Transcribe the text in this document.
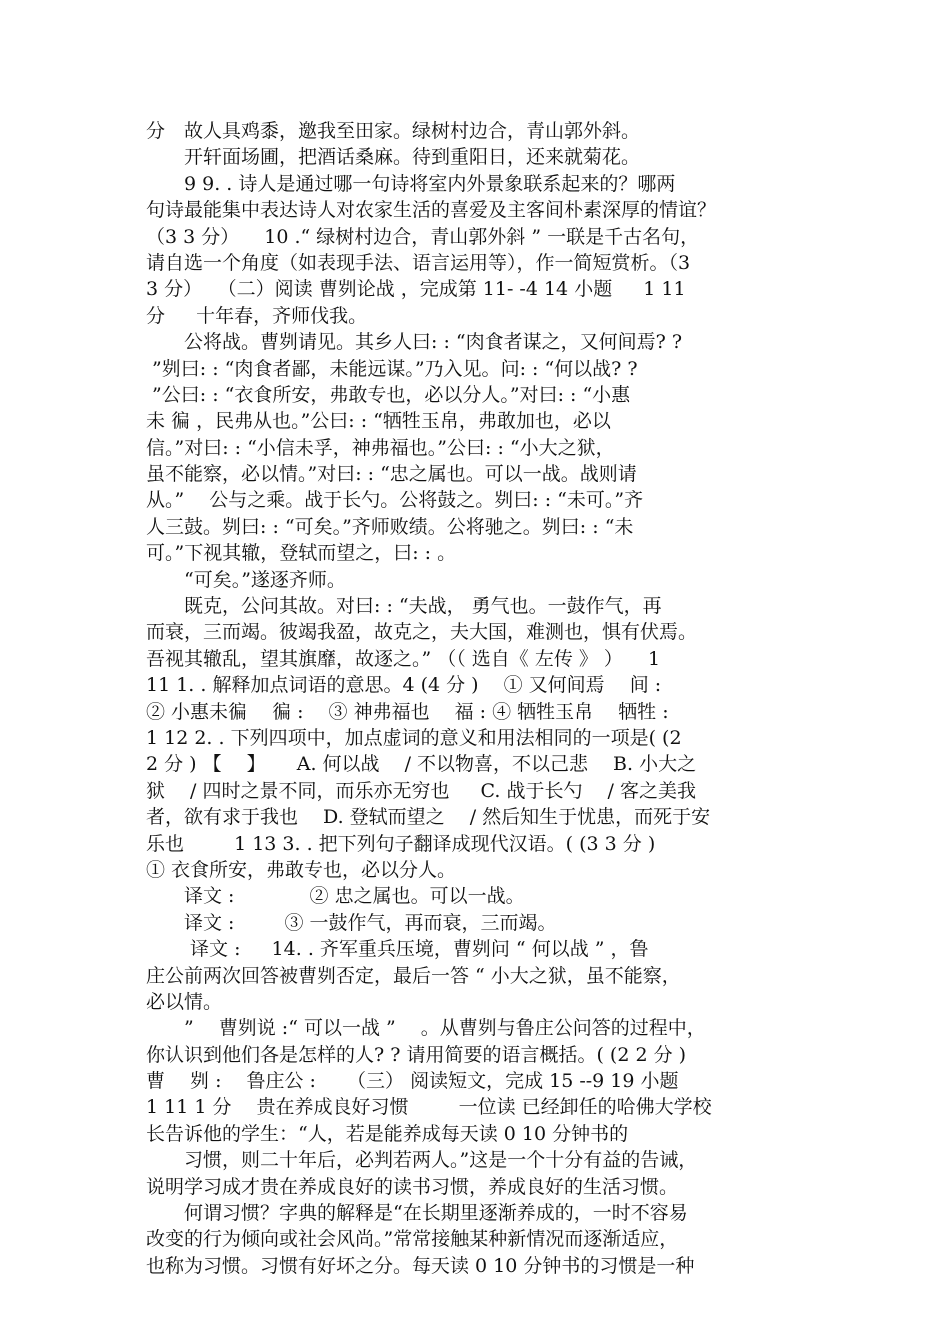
分　故人具鸡黍，邀我至田家。绿树村边合，青山郭外斜。
　　开轩面场圃，把酒话桑麻。待到重阳日，还来就菊花。
　　9 9. . 诗人是通过哪一句诗将室内外景象联系起来的？哪两
句诗最能集中表达诗人对农家生活的喜爱及主客间朴素深厚的情谊？
（3 3 分） 　10 .“ 绿树村边合，青山郭外斜 ” 一联是千古名句，
请自选一个角度（如表现手法、语言运用等），作一简短赏析。（3
3 分） 　（二）阅读 曹刿论战 ，完成第 11- -4 14 小题 　 1 11
分 　 十年春，齐师伐我。
　　公将战。曹刿请见。其乡人曰: : “肉食者谋之，又何间焉? ?
”刿曰: : “肉食者鄙，未能远谋。”乃入见。问: : “何以战? ?
”公曰: : “衣食所安，弗敢专也，必以分人。”对曰: : “小惠
未 徧 ，民弗从也。”公曰: : “牺牲玉帛，弗敢加也，必以
信。”对曰: : “小信未孚，神弗福也。”公曰: : “小大之狱，
虽不能察，必以情。”对曰: : “忠之属也。可以一战。战则请
从。” 　公与之乘。战于长勺。公将鼓之。刿曰: : “未可。”齐
人三鼓。刿曰: : “可矣。”齐师败绩。公将驰之。刿曰: : “未
可。”下视其辙，登轼而望之，曰: : 。
　　“可矣。”遂逐齐师。
　　既克，公问其故。对曰: : “夫战， 勇气也。一鼓作气，再
而衰，三而竭。彼竭我盈，故克之，夫大国，难测也，惧有伏焉。
吾视其辙乱，望其旗靡，故逐之。” （（ 选自《 左传 》 ） 　1
11 1. . 解释加点词语的意思。4 (4 分 ) 　① 又何间焉 　间 :
② 小惠未徧 　徧 : 　③ 神弗福也 　福 : ④ 牺牲玉帛 　牺牲 :
1 12 2. . 下列四项中，加点虚词的意义和用法相同的一项是( (2
2 分 ) 【　 】 　 A. 何以战 　/ 不以物喜，不以己悲 　B. 小大之
狱 　/ 四时之景不同，而乐亦无穷也 　 C. 战于长勺 　/ 客之美我
者，欲有求于我也 　D. 登轼而望之 　/ 然后知生于忧患，而死于安
乐也 　 　1 13 3. . 把下列句子翻译成现代汉语。( (3 3 分 )
① 衣食所安，弗敢专也，必以分人。
　　译文 : 　 　 　② 忠之属也。可以一战。
　　译文 : 　 　③ 一鼓作气，再而衰，三而竭。
　　 译文 : 　 14. . 齐军重兵压境，曹刿问 “ 何以战 ” ，鲁
庄公前两次回答被曹刿否定，最后一答 “ 小大之狱，虽不能察，
必以情。
　　” 　曹刿说 :“ 可以一战 ” 　。从曹刿与鲁庄公问答的过程中，
你认识到他们各是怎样的人? ? 请用简要的语言概括。( (2 2 分 )
曹 　刿 : 　鲁庄公 : 　 （三） 阅读短文，完成 15 --9 19 小题
1 11 1 分 　贵在养成良好习惯 　 　一位读 已经卸任的哈佛大学校
长告诉他的学生：“人，若是能养成每天读 0 10 分钟书的
　　习惯，则二十年后，必判若两人。”这是一个十分有益的告诫，
说明学习成才贵在养成良好的读书习惯，养成良好的生活习惯。
　　何谓习惯？字典的解释是“在长期里逐渐养成的，一时不容易
改变的行为倾向或社会风尚。”常常接触某种新情况而逐渐适应，
也称为习惯。习惯有好坏之分。每天读 0 10 分钟书的习惯是一种
